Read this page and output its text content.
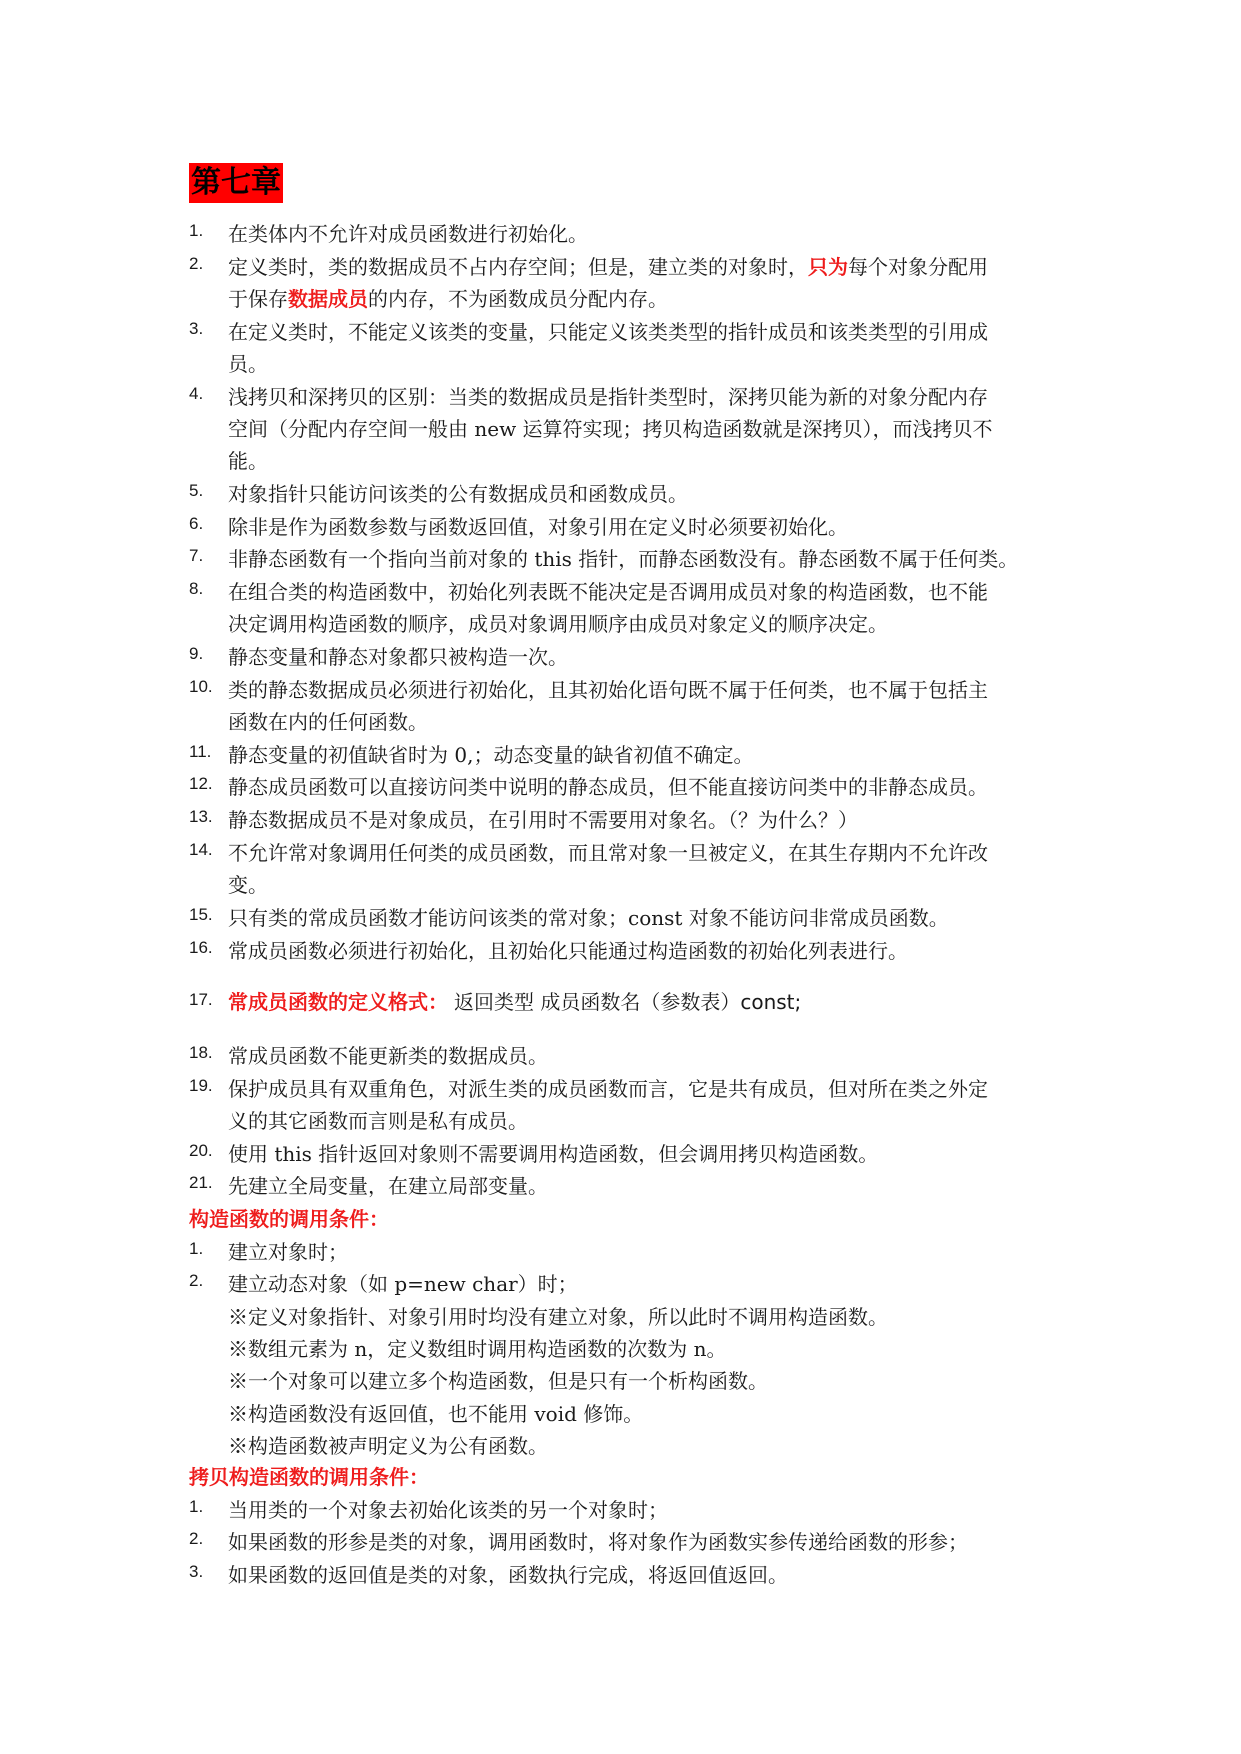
第七章
1.	在类体内不允许对成员函数进行初始化。
2.	定义类时，类的数据成员不占内存空间；但是，建立类的对象时，只为每个对象分配用
于保存数据成员的内存，不为函数成员分配内存。
3.	在定义类时，不能定义该类的变量，只能定义该类类型的指针成员和该类类型的引用成
员。
4.	浅拷贝和深拷贝的区别：当类的数据成员是指针类型时，深拷贝能为新的对象分配内存
空间（分配内存空间一般由 new 运算符实现；拷贝构造函数就是深拷贝），而浅拷贝不
能。
5.	对象指针只能访问该类的公有数据成员和函数成员。
6.	除非是作为函数参数与函数返回值，对象引用在定义时必须要初始化。
7.	非静态函数有一个指向当前对象的 this 指针，而静态函数没有。静态函数不属于任何类。
8.	在组合类的构造函数中，初始化列表既不能决定是否调用成员对象的构造函数，也不能
决定调用构造函数的顺序，成员对象调用顺序由成员对象定义的顺序决定。
9.	静态变量和静态对象都只被构造一次。
10. 类的静态数据成员必须进行初始化，且其初始化语句既不属于任何类，也不属于包括主
函数在内的任何函数。
11. 静态变量的初值缺省时为 0,；动态变量的缺省初值不确定。
12. 静态成员函数可以直接访问类中说明的静态成员，但不能直接访问类中的非静态成员。
13. 静态数据成员不是对象成员，在引用时不需要用对象名。（？为什么？）
14. 不允许常对象调用任何类的成员函数，而且常对象一旦被定义，在其生存期内不允许改
变。
15. 只有类的常成员函数才能访问该类的常对象；const 对象不能访问非常成员函数。
16. 常成员函数必须进行初始化，且初始化只能通过构造函数的初始化列表进行。
17. 常成员函数的定义格式： 返回类型 成员函数名（参数表）const;
18. 常成员函数不能更新类的数据成员。
19. 保护成员具有双重角色，对派生类的成员函数而言，它是共有成员，但对所在类之外定
义的其它函数而言则是私有成员。
20. 使用 this 指针返回对象则不需要调用构造函数，但会调用拷贝构造函数。
21. 先建立全局变量，在建立局部变量。
构造函数的调用条件：
1.	建立对象时；
2.	建立动态对象（如 p=new char）时；
※定义对象指针、对象引用时均没有建立对象，所以此时不调用构造函数。
※数组元素为 n，定义数组时调用构造函数的次数为 n。
※一个对象可以建立多个构造函数，但是只有一个析构函数。
※构造函数没有返回值，也不能用 void 修饰。
※构造函数被声明定义为公有函数。
拷贝构造函数的调用条件：
1.	当用类的一个对象去初始化该类的另一个对象时；
2.	如果函数的形参是类的对象，调用函数时，将对象作为函数实参传递给函数的形参；
3.	如果函数的返回值是类的对象，函数执行完成，将返回值返回。
